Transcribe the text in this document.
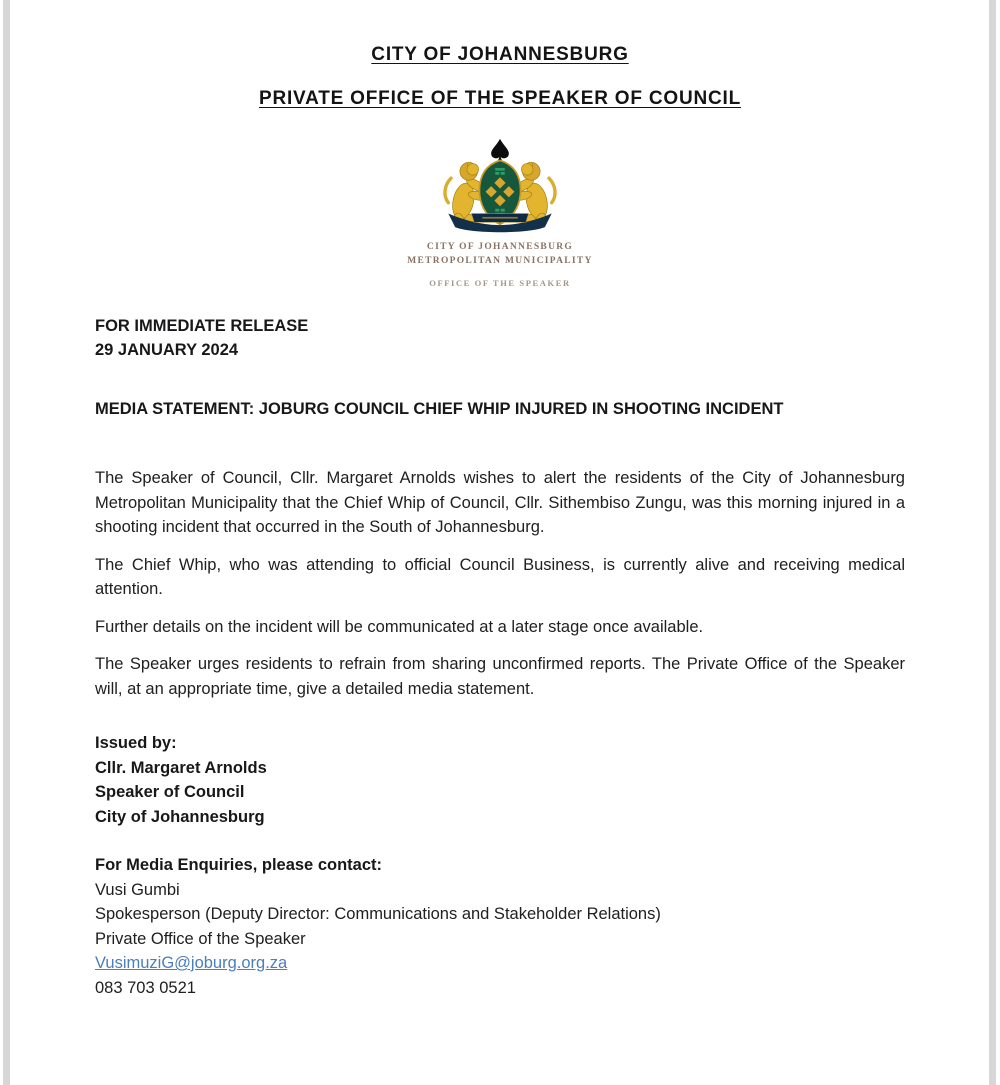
CITY OF JOHANNESBURG
PRIVATE OFFICE OF THE SPEAKER OF COUNCIL
CITY OF JOHANNESBURG
METROPOLITAN MUNICIPALITY
OFFICE OF THE SPEAKER
FOR IMMEDIATE RELEASE
29 JANUARY 2024
MEDIA STATEMENT: JOBURG COUNCIL CHIEF WHIP INJURED IN SHOOTING INCIDENT

The Speaker of Council, Cllr. Margaret Arnolds wishes to alert the residents of the City of Johannesburg Metropolitan Municipality that the Chief Whip of Council, Cllr. Sithembiso Zungu, was this morning injured in a shooting incident that occurred in the South of Johannesburg.

The Chief Whip, who was attending to official Council Business, is currently alive and receiving medical attention.

Further details on the incident will be communicated at a later stage once available.

The Speaker urges residents to refrain from sharing unconfirmed reports. The Private Office of the Speaker will, at an appropriate time, give a detailed media statement.

Issued by:
Cllr. Margaret Arnolds
Speaker of Council
City of Johannesburg
For Media Enquiries, please contact:
Vusi Gumbi
Spokesperson (Deputy Director: Communications and Stakeholder Relations)
Private Office of the Speaker
VusimuziG@joburg.org.za
083 703 0521
